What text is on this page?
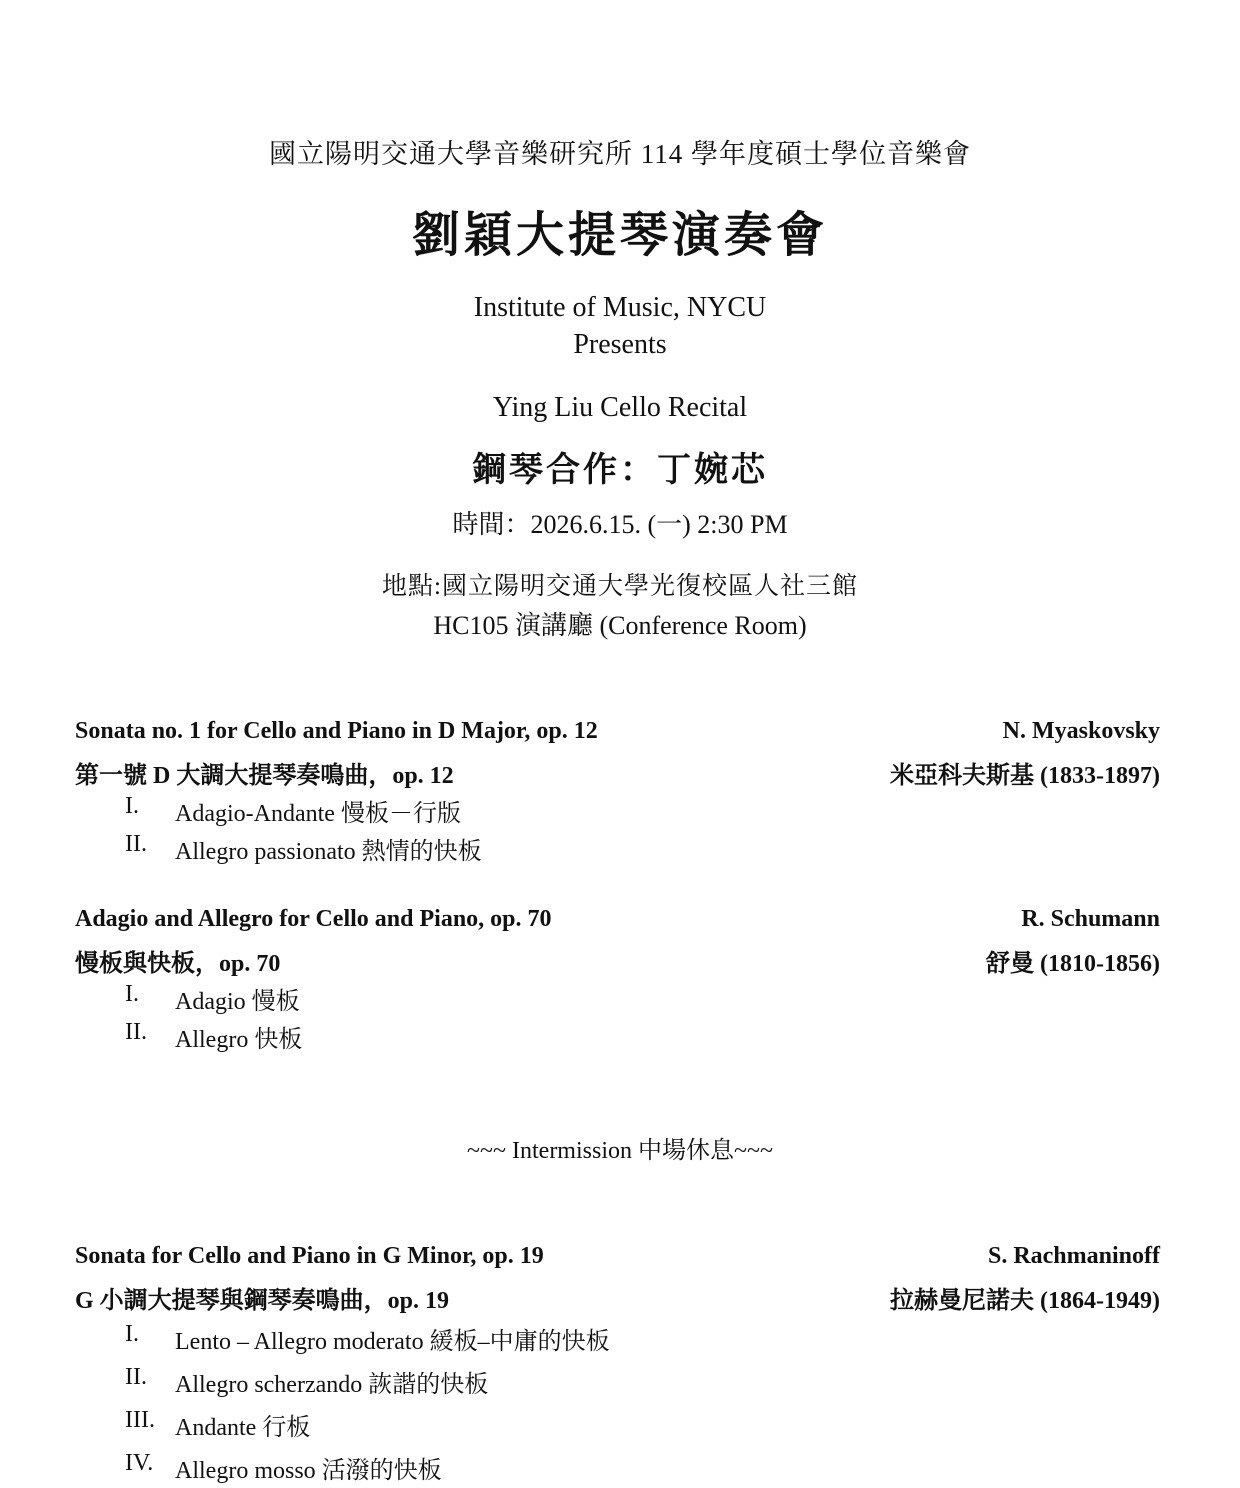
國立陽明交通大學音樂研究所 114 學年度碩士學位音樂會
劉穎大提琴演奏會
Institute of Music, NYCU
Presents
Ying Liu Cello Recital
鋼琴合作：丁婉芯
時間：2026.6.15. (一) 2:30 PM
地點:國立陽明交通大學光復校區人社三館
HC105 演講廳 (Conference Room)
Sonata no. 1 for Cello and Piano in D Major, op. 12	N. Myaskovsky
第一號 D 大調大提琴奏鳴曲，op. 12	米亞科夫斯基 (1833-1897)
I. Adagio-Andante 慢板－行版
II. Allegro passionato 熱情的快板
Adagio and Allegro for Cello and Piano, op. 70	R. Schumann
慢板與快板，op. 70	舒曼 (1810-1856)
I. Adagio 慢板
II. Allegro 快板
~~~ Intermission 中場休息~~~
Sonata for Cello and Piano in G Minor, op. 19	S. Rachmaninoff
G 小調大提琴與鋼琴奏鳴曲，op. 19	拉赫曼尼諾夫 (1864-1949)
I. Lento – Allegro moderato 緩板–中庸的快板
II. Allegro scherzando 詼諧的快板
III. Andante 行板
IV. Allegro mosso 活潑的快板
